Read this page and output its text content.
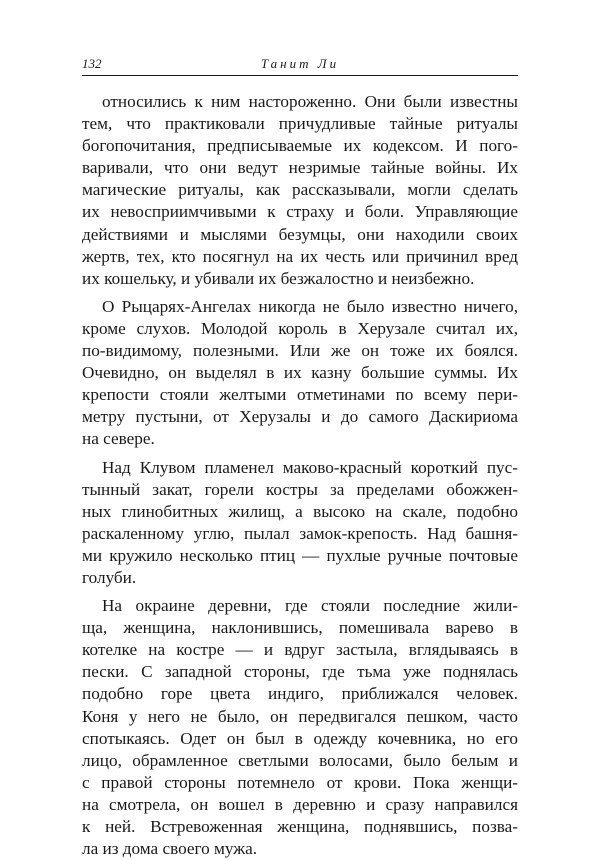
132	Танит Ли
относились к ним настороженно. Они были известны
тем, что практиковали причудливые тайные ритуалы
богопочитания, предписываемые их кодексом. И пого-
варивали, что они ведут незримые тайные войны. Их
магические ритуалы, как рассказывали, могли сделать
их невосприимчивыми к страху и боли. Управляющие
действиями и мыслями безумцы, они находили своих
жертв, тех, кто посягнул на их честь или причинил вред
их кошельку, и убивали их безжалостно и неизбежно.
О Рыцарях-Ангелах никогда не было известно ничего,
кроме слухов. Молодой король в Херузале считал их,
по-видимому, полезными. Или же он тоже их боялся.
Очевидно, он выделял в их казну большие суммы. Их
крепости стояли желтыми отметинами по всему пери-
метру пустыни, от Херузалы и до самого Даскириома
на севере.
Над Клувом пламенел маково-красный короткий пус-
тынный закат, горели костры за пределами обожжен-
ных глинобитных жилищ, а высоко на скале, подобно
раскаленному углю, пылал замок-крепость. Над башня-
ми кружило несколько птиц — пухлые ручные почтовые
голуби.
На окраине деревни, где стояли последние жили-
ща, женщина, наклонившись, помешивала варево в
котелке на костре — и вдруг застыла, вглядываясь в
пески. С западной стороны, где тьма уже поднялась
подобно горе цвета индиго, приближался человек.
Коня у него не было, он передвигался пешком, часто
спотыкаясь. Одет он был в одежду кочевника, но его
лицо, обрамленное светлыми волосами, было белым и
с правой стороны потемнело от крови. Пока женщи-
на смотрела, он вошел в деревню и сразу направился
к ней. Встревоженная женщина, поднявшись, позва-
ла из дома своего мужа.
